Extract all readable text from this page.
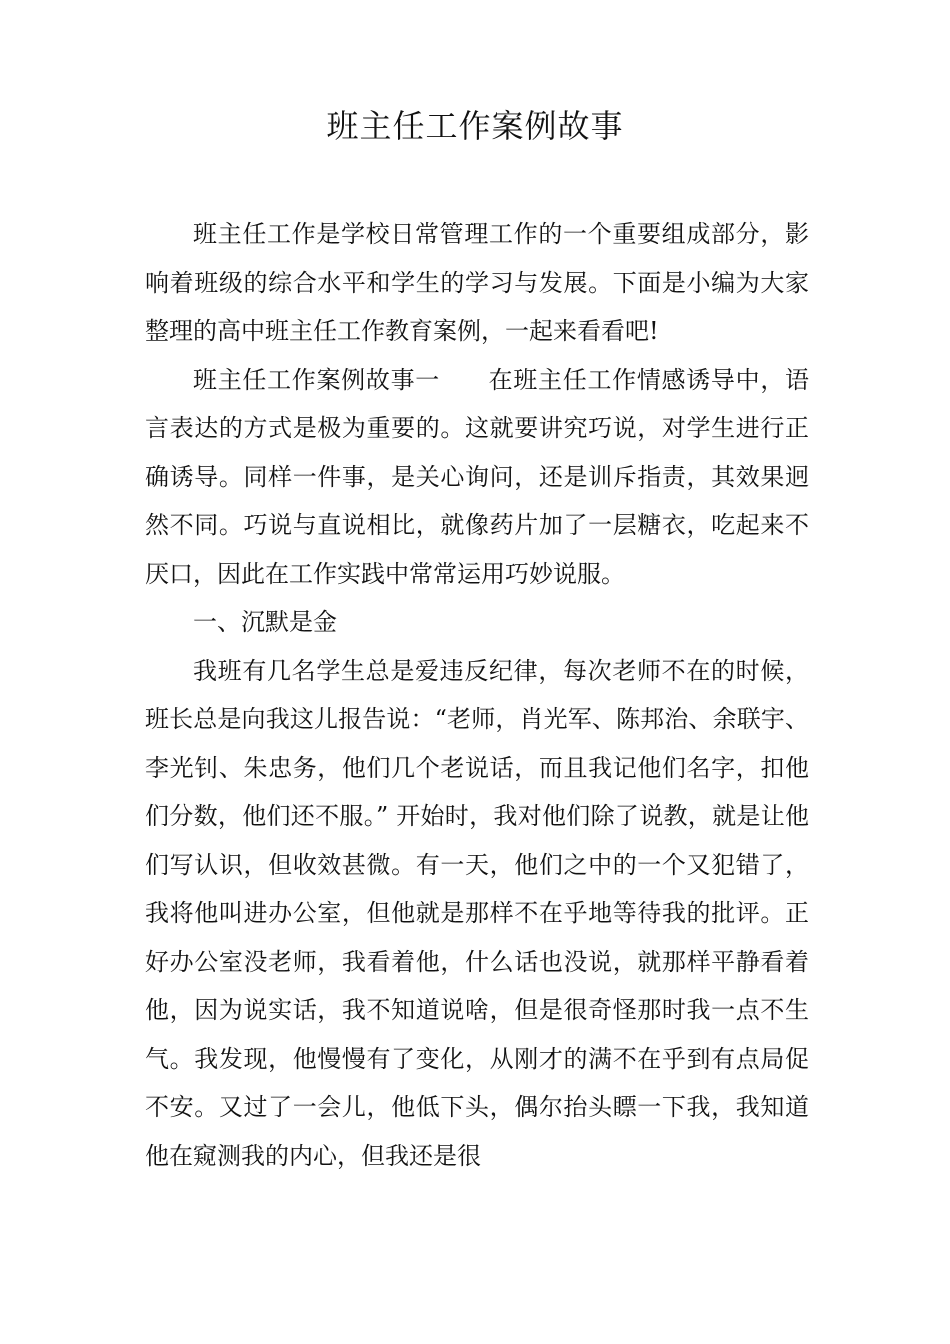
班主任工作案例故事

班主任工作是学校日常管理工作的一个重要组成部分，影响着班级的综合水平和学生的学习与发展。下面是小编为大家整理的高中班主任工作教育案例，一起来看看吧!

班主任工作案例故事一 在班主任工作情感诱导中，语言表达的方式是极为重要的。这就要讲究巧说，对学生进行正确诱导。同样一件事，是关心询问，还是训斥指责，其效果迥然不同。巧说与直说相比，就像药片加了一层糖衣，吃起来不厌口，因此在工作实践中常常运用巧妙说服。

一、沉默是金

我班有几名学生总是爱违反纪律，每次老师不在的时候，班长总是向我这儿报告说：“老师，肖光军、陈邦治、余联宇、李光钊、朱忠务，他们几个老说话，而且我记他们名字，扣他们分数，他们还不服。” 开始时，我对他们除了说教，就是让他们写认识，但收效甚微。有一天，他们之中的一个又犯错了，我将他叫进办公室，但他就是那样不在乎地等待我的批评。正好办公室没老师，我看着他，什么话也没说，就那样平静看着他，因为说实话，我不知道说啥，但是很奇怪那时我一点不生气。我发现，他慢慢有了变化，从刚才的满不在乎到有点局促不安。又过了一会儿，他低下头，偶尔抬头瞟一下我，我知道他在窥测我的内心，但我还是很
